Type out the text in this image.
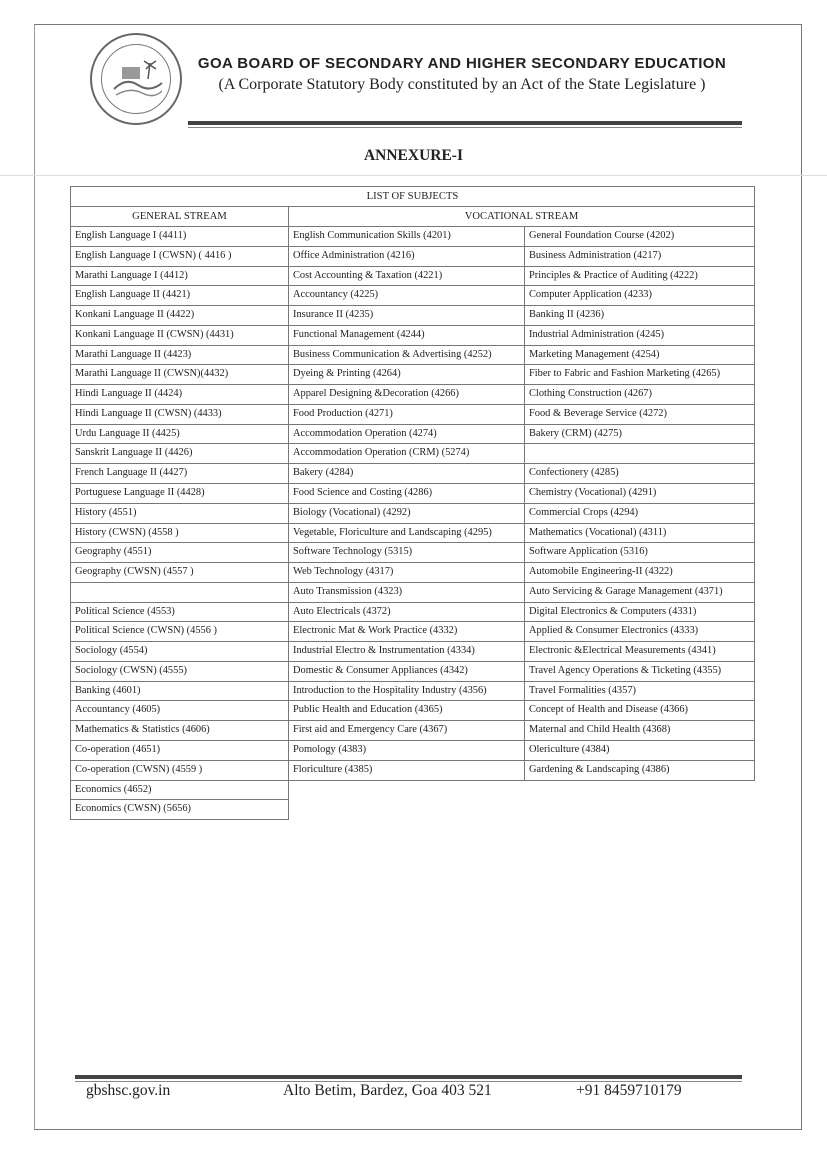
GOA BOARD OF SECONDARY AND HIGHER SECONDARY EDUCATION
(A Corporate Statutory Body constituted by an Act of the State Legislature )
ANNEXURE-I
LIST OF SUBJECTS		
GENERAL STREAM	VOCATIONAL STREAM	
English Language I (4411)	English Communication Skills (4201)	General Foundation Course (4202)
English Language I (CWSN) ( 4416 )	Office Administration (4216)	Business Administration (4217)
Marathi Language I (4412)	Cost Accounting & Taxation (4221)	Principles & Practice of Auditing (4222)
English Language II (4421)	Accountancy (4225)	Computer Application (4233)
Konkani Language II (4422)	Insurance II (4235)	Banking II (4236)
Konkani Language II (CWSN) (4431)	Functional Management (4244)	Industrial Administration (4245)
Marathi Language II (4423)	Business Communication & Advertising (4252)	Marketing Management (4254)
Marathi Language II (CWSN)(4432)	Dyeing & Printing (4264)	Fiber to Fabric and Fashion Marketing (4265)
Hindi Language II (4424)	Apparel Designing &Decoration (4266)	Clothing Construction (4267)
Hindi Language II (CWSN) (4433)	Food Production (4271)	Food & Beverage Service (4272)
Urdu Language II (4425)	Accommodation Operation (4274)	Bakery (CRM) (4275)
Sanskrit Language II (4426)	Accommodation Operation (CRM) (5274)	
French Language II (4427)	Bakery (4284)	Confectionery (4285)
Portuguese Language II (4428)	Food Science and Costing (4286)	Chemistry (Vocational) (4291)
History (4551)	Biology (Vocational) (4292)	Commercial Crops (4294)
History (CWSN) (4558 )	Vegetable, Floriculture and Landscaping (4295)	Mathematics (Vocational) (4311)
Geography (4551)	Software Technology (5315)	Software Application (5316)
Geography (CWSN) (4557 )	Web Technology (4317)	Automobile Engineering-II (4322)
	Auto Transmission (4323)	Auto Servicing & Garage Management (4371)
Political Science (4553)	Auto Electricals (4372)	Digital Electronics & Computers (4331)
Political Science (CWSN) (4556 )	Electronic Mat & Work Practice (4332)	Applied & Consumer Electronics (4333)
Sociology (4554)	Industrial Electro & Instrumentation (4334)	Electronic &Electrical Measurements (4341)
Sociology (CWSN) (4555)	Domestic & Consumer Appliances (4342)	Travel Agency Operations & Ticketing (4355)
Banking (4601)	Introduction to the Hospitality Industry (4356)	Travel Formalities (4357)
Accountancy (4605)	Public Health and Education (4365)	Concept of Health and Disease (4366)
Mathematics & Statistics (4606)	First aid and Emergency Care (4367)	Maternal and Child Health (4368)
Co-operation (4651)	Pomology (4383)	Olericulture (4384)
Co-operation (CWSN) (4559 )	Floriculture (4385)	Gardening & Landscaping (4386)
Economics (4652)		
Economics (CWSN) (5656)		
gbshsc.gov.in	Alto Betim, Bardez, Goa 403 521	+91 8459710179
